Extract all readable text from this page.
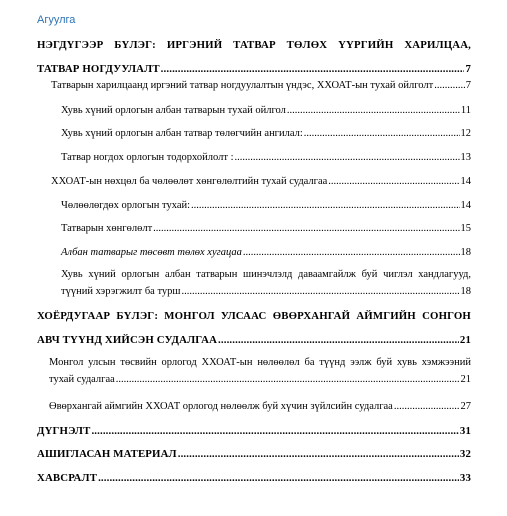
Агуулга
НЭГДҮГЭЭР БҮЛЭГ: ИРГЭНИЙ ТАТВАР ТӨЛӨХ ҮҮРГИЙН ХАРИЛЦАА,
ТАТВАР НОГДУУЛАЛТ .....	7
Татварын харилцаанд иргэний татвар ногдуулалтын үндэс, ХХОАТ-ын тухай ойлголт .....	7
Хувь хүний орлогын албан татварын тухай ойлгол .....	11
Хувь хүний орлогын албан татвар төлөгчийн ангилал: .....	12
Татвар ногдох орлогын тодорхойлолт : .....	13
ХХОАТ-ын нөхцөл ба чөлөөлөт хөнгөлөлтийн тухай судалгаа .....	14
Чөлөөлөгдөх орлогын тухай: .....	14
Татварын хөнгөлөлт .....	15
Албан татварыг төсөвт төлөх хугацаа .....	18
Хувь хүний орлогын албан татварын шинэчлэлд даваамгайлж буй чиглэл хандлагууд,
түүний хэрэгжилт ба турш .....	18
ХОЁРДУГААР БҮЛЭГ: МОНГОЛ УЛСААС ӨВӨРХАНГАЙ АЙМГИЙН СОНГОН
АВЧ ТҮҮНД ХИЙСЭН СУДАЛГАА .....	21
Монгол улсын төсвийн орлогод ХХОАТ-ын нөлөөлөл ба түүнд ээлж буй хувь хэмжээний
тухай судалгаа .....	21
Өвөрхангай аймгийн ХХОАТ орлогод нөлөөлж буй хүчин зүйлсийн судалгаа .....	27
ДҮГНЭЛТ .....	31
АШИГЛАСАН МАТЕРИАЛ .....	32
ХАВСРАЛТ .....	33
